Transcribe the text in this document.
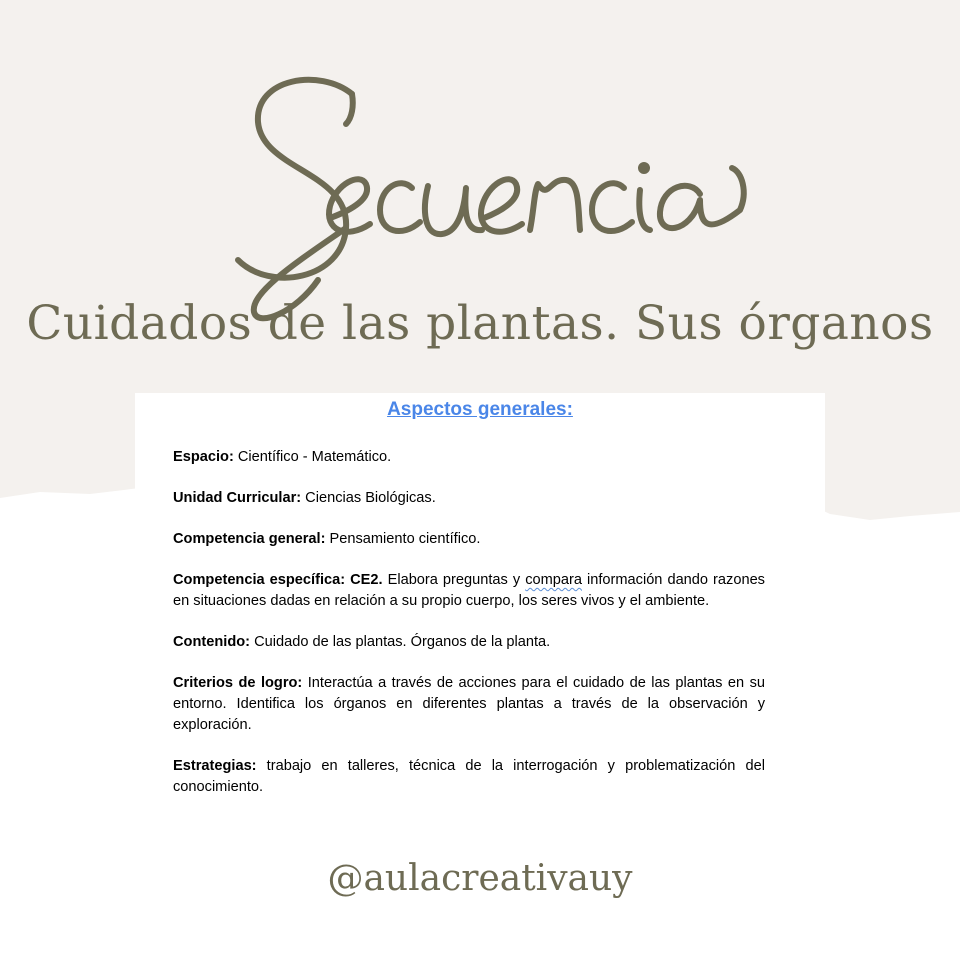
Cuidados de las plantas. Sus órganos
Aspectos generales:

Espacio: Científico - Matemático.

Unidad Curricular: Ciencias Biológicas.

Competencia general: Pensamiento científico.

Competencia específica: CE2. Elabora preguntas y compara información dando razones en situaciones dadas en relación a su propio cuerpo, los seres vivos y el ambiente.

Contenido: Cuidado de las plantas. Órganos de la planta.

Criterios de logro: Interactúa a través de acciones para el cuidado de las plantas en su entorno. Identifica los órganos en diferentes plantas a través de la observación y exploración.

Estrategias: trabajo en talleres, técnica de la interrogación y problematización del conocimiento.

@aulacreativauy
